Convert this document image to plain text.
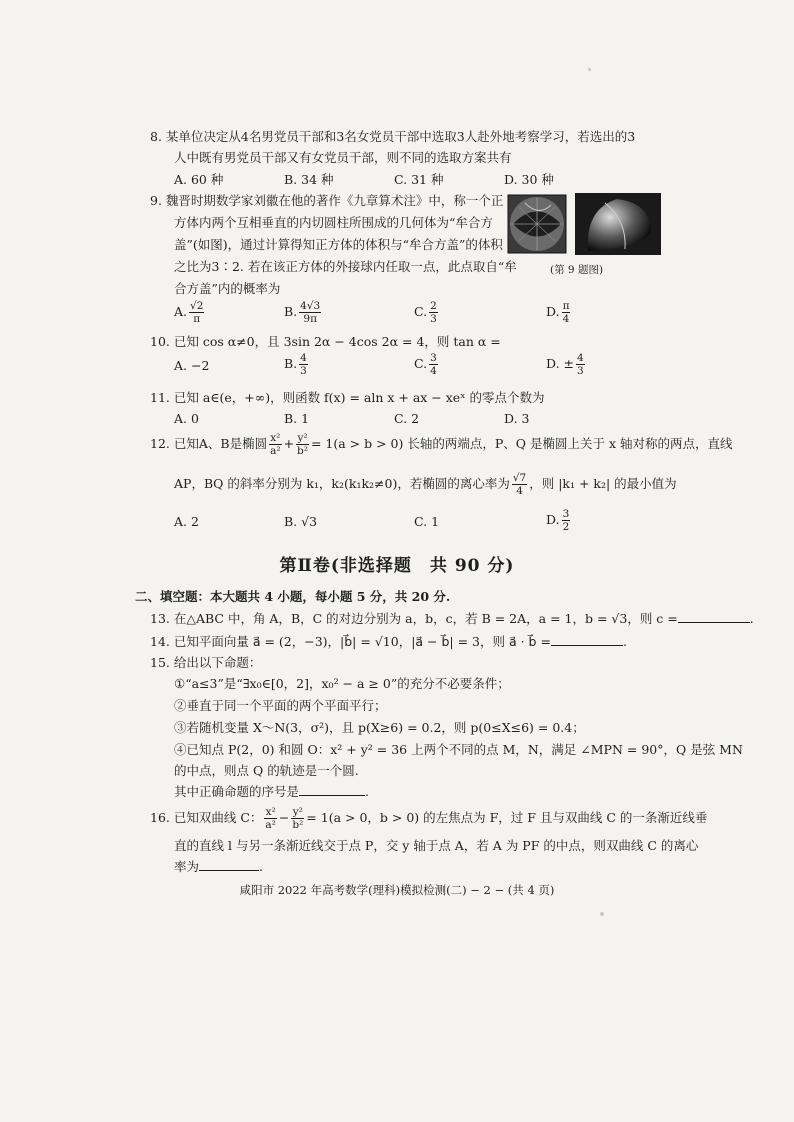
8. 某单位决定从4名男党员干部和3名女党员干部中选取3人赴外地考察学习，若选出的3
人中既有男党员干部又有女党员干部，则不同的选取方案共有
A. 60 种	B. 34 种	C. 31 种	D. 30 种
9. 魏晋时期数学家刘徽在他的著作《九章算术注》中，称一个正
方体内两个互相垂直的内切圆柱所围成的几何体为“牟合方
盖”(如图)，通过计算得知正方体的体积与“牟合方盖”的体积
之比为3∶2. 若在该正方体的外接球内任取一点，此点取自“牟
合方盖”内的概率为
(第 9 题图)
A. $\frac{√2}{\pi}$	B. $\frac{4√3}{9\pi}$	C. $\frac{2}{3}$	D. $\frac{\pi}{4}$
10. 已知 cos α≠0，且 3sin 2α − 4cos 2α = 4，则 tan α =
A. −2	B. $\frac{4}{3}$	C. $\frac{3}{4}$	D. ± $\frac{4}{3}$
11. 已知 a∈(e，+∞)，则函数 f(x) = aln x + ax − xeˣ 的零点个数为
A. 0	B. 1	C. 2	D. 3
12. 已知A、B是椭圆 $\frac{\text{x²}}{\text{a²}} + \frac{\text{y²}}{\text{b²}} = 1(a > b > 0)$ 长轴的两端点，P、Q 是椭圆上关于 x 轴对称的两点，直线
AP，BQ 的斜率分别为 k₁，k₂(k₁k₂≠0)，若椭圆的离心率为 $\frac{√7}{4}$ ，则 |k₁ + k₂| 的最小值为
A. 2	B. √3	C. 1	D. $\frac{3}{2}$
第Ⅱ卷(非选择题　共 90 分)
二、填空题：本大题共 4 小题，每小题 5 分，共 20 分.
13. 在△ABC 中，角 A，B，C 的对边分别为 a，b，c，若 B = 2A，a = 1，b = √3，则 c =	.
14. 已知平面向量 a⃗ = (2，−3)，|b⃗| = √10，|a⃗ − b⃗| = 3，则 a⃗ · b⃗ =	.
15. 给出以下命题：
①“a≤3”是“∃x₀∈[0，2]，x₀² − a ≥ 0”的充分不必要条件；
②垂直于同一个平面的两个平面平行；
③若随机变量 X～N(3，σ²)，且 p(X≥6) = 0.2，则 p(0≤X≤6) = 0.4；
④已知点 P(2，0) 和圆 O：x² + y² = 36 上两个不同的点 M，N，满足 ∠MPN = 90°，Q 是弦 MN
的中点，则点 Q 的轨迹是一个圆.
其中正确命题的序号是	.
16. 已知双曲线 C： $\frac{\text{x²}}{\text{a²}} - \frac{\text{y²}}{\text{b²}} = 1(a > 0$，b > 0) 的左焦点为 F，过 F 且与双曲线 C 的一条渐近线垂
直的直线 l 与另一条渐近线交于点 P，交 y 轴于点 A，若 A 为 PF 的中点，则双曲线 C 的离心
率为	.
咸阳市 2022 年高考数学(理科)模拟检测(二) − 2 − (共 4 页)
